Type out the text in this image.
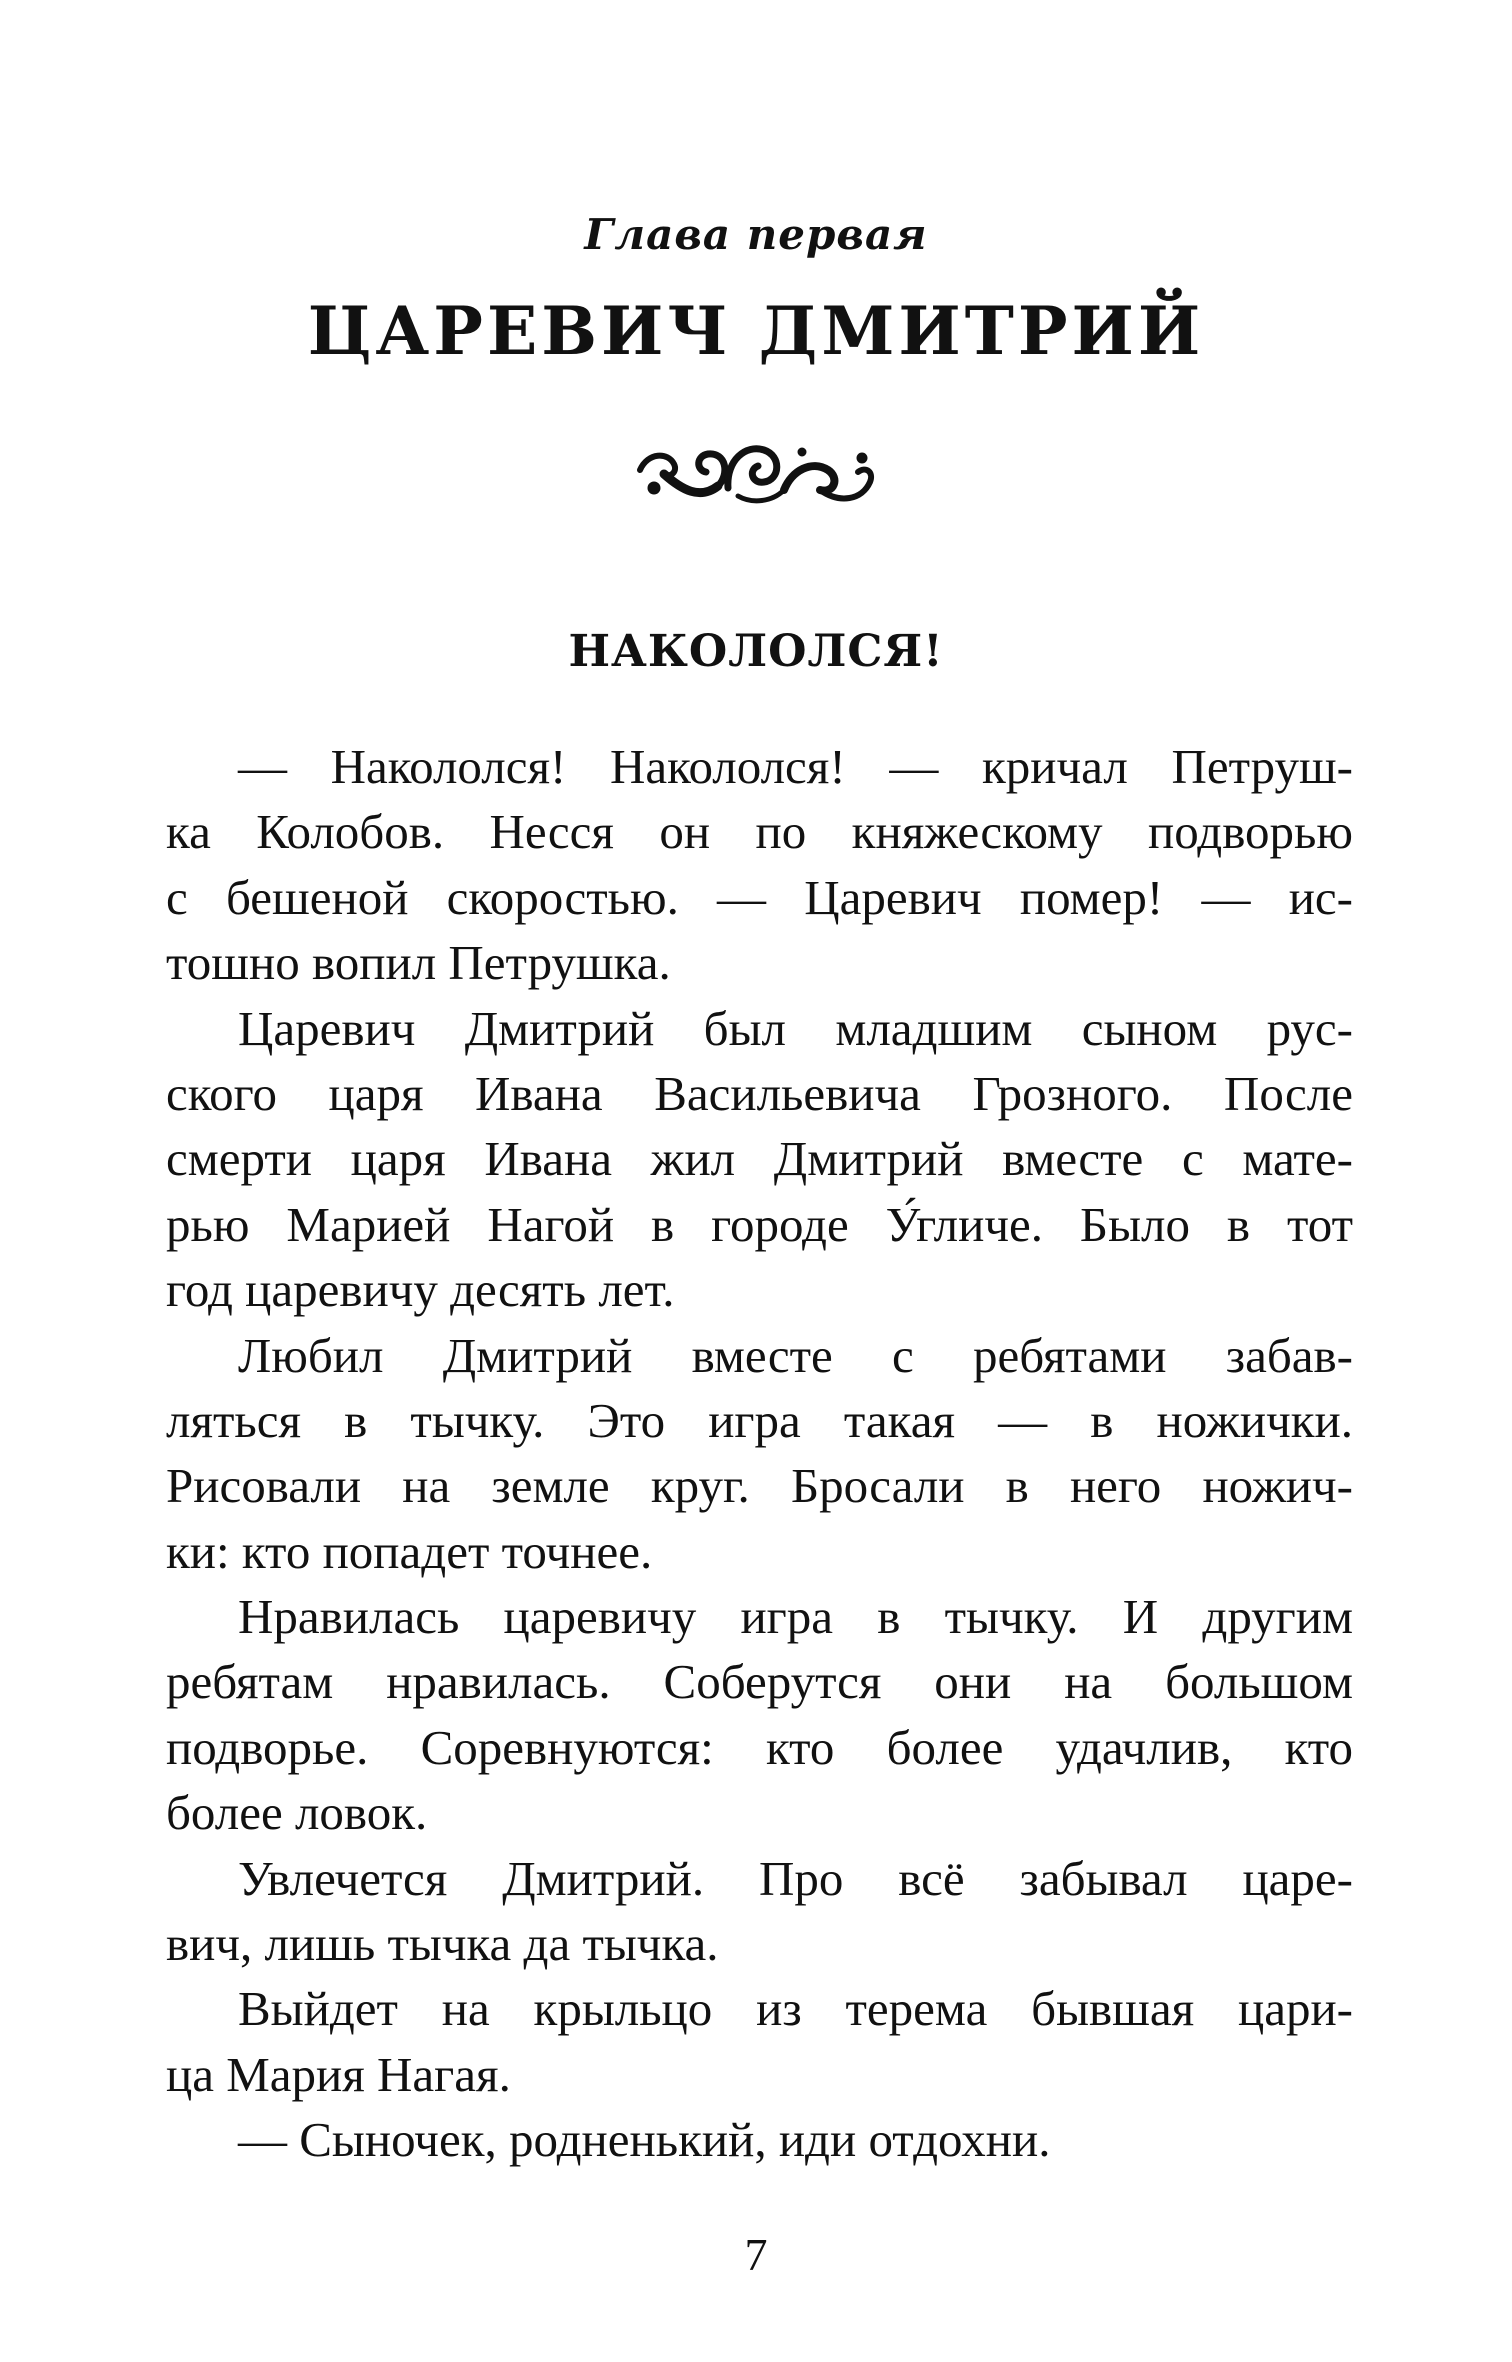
Глава первая
ЦАРЕВИЧ ДМИТРИЙ
НАКОЛОЛСЯ!
— Накололся! Накололся! — кричал Петруш-
ка Колобов. Несся он по княжескому подворью
с бешеной скоростью. — Царевич помер! — ис-
тошно вопил Петрушка.
Царевич Дмитрий был младшим сыном рус-
ского царя Ивана Васильевича Грозного. После
смерти царя Ивана жил Дмитрий вместе с мате-
рью Марией Нагой в городе У́гличе. Было в тот
год царевичу десять лет.
Любил Дмитрий вместе с ребятами забав-
ляться в тычку. Это игра такая — в ножички.
Рисовали на земле круг. Бросали в него ножич-
ки: кто попадет точнее.
Нравилась царевичу игра в тычку. И другим
ребятам нравилась. Соберутся они на большом
подворье. Соревнуются: кто более удачлив, кто
более ловок.
Увлечется Дмитрий. Про всё забывал царе-
вич, лишь тычка да тычка.
Выйдет на крыльцо из терема бывшая цари-
ца Мария Нагая.
— Сыночек, родненький, иди отдохни.
7
